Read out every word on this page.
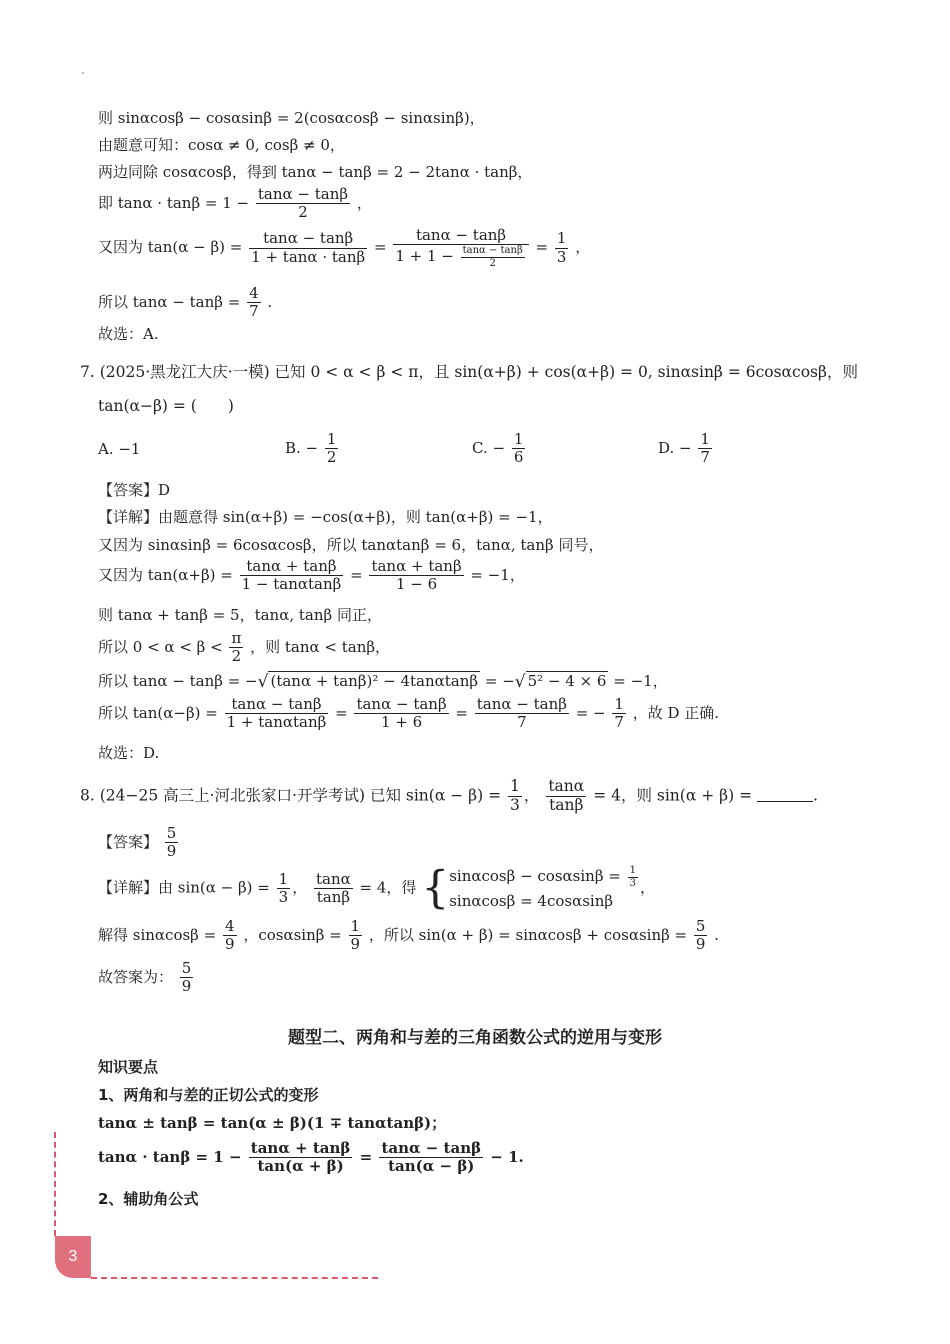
则 sinαcosβ − cosαsinβ = 2(cosαcosβ − sinαsinβ)，
由题意可知：cosα ≠ 0, cosβ ≠ 0，
两边同除 cosαcosβ，得到 tanα − tanβ = 2 − 2tanα · tanβ，
即 $\tan\alpha \cdot \tan\beta = 1 - \frac{\tan\alpha - \tan\beta}{2}$ ，
又因为 $\tan(\alpha - \beta) = \frac{\tan\alpha - \tan\beta}{1 + \tan\alpha \cdot \tan\beta} = \frac{\tan\alpha - \tan\beta}{1 + 1 - \frac{\tan\alpha - \tan\beta}{2}} = \frac{1}{3}$ ，
所以 $\tan\alpha - \tan\beta = \frac{4}{7}$ .
故选：A.
7. (2025·黑龙江大庆·一模) 已知 0 < α < β < π，且 sin(α+β) + cos(α+β) = 0, sinαsinβ = 6cosαcosβ，则
tan(α−β) = (　　)
A. −1	B. − $\frac{1}{2}$	C. − $\frac{1}{6}$	D. − $\frac{1}{7}$
【答案】D
【详解】由题意得 sin(α+β) = −cos(α+β)，则 tan(α+β) = −1，
又因为 sinαsinβ = 6cosαcosβ，所以 tanαtanβ = 6，tanα, tanβ 同号，
又因为 $\tan(\alpha+\beta) = \frac{\tan\alpha + \tan\beta}{1 - \tan\alpha\tan\beta} = \frac{\tan\alpha + \tan\beta}{1 - 6} = -1$，
则 tanα + tanβ = 5，tanα, tanβ 同正，
所以 $0 < \alpha < \beta < \frac{\pi}{2}$ ，则 tanα < tanβ，
所以 tanα − tanβ = −√ (tanα + tanβ)² − 4tanαtanβ = −√ 5² − 4 × 6 = −1，
所以 $\tan(\alpha-\beta) = \frac{\tan\alpha - \tan\beta}{1 + \tan\alpha\tan\beta} = \frac{\tan\alpha - \tan\beta}{1 + 6} = \frac{\tan\alpha - \tan\beta}{7}$ = − $\frac{1}{7}$ ，故 D 正确.
故选：D.
8. (24−25 高三上·河北张家口·开学考试) 已知 $\sin(\alpha - \beta) = \frac{1}{3}$ ， $\frac{\tan\alpha}{\tan\beta} = 4$，则 sin(α + β) =	.
【答案】 $\frac{5}{9}$
【详解】由 $\sin(\alpha - \beta) = \frac{1}{3}$ ， $\frac{\tan\alpha}{\tan\beta} = 4$，得 { $\sin\alpha\cos\beta - \cos\alpha\sin\beta = \frac{1}{3}$
sinαcosβ = 4cosαsinβ
，
解得 $\sin\alpha\cos\beta = \frac{4}{9}$ ，$\cos\alpha\sin\beta = \frac{1}{9}$ ，所以 $\sin(\alpha + \beta) = \sin\alpha\cos\beta + \cos\alpha\sin\beta = \frac{5}{9}$ .
故答案为： $\frac{5}{9}$
题型二、两角和与差的三角函数公式的逆用与变形
知识要点
1、两角和与差的正切公式的变形
tanα ± tanβ = tan(α ± β)(1 ∓ tanαtanβ)；
$\tan\alpha \cdot \tan\beta = 1 - \frac{\tan\alpha + \tan\beta}{\tan(\alpha + \beta)} = \frac{\tan\alpha - \tan\beta}{\tan(\alpha - \beta)} - 1$.
2、辅助角公式
3
